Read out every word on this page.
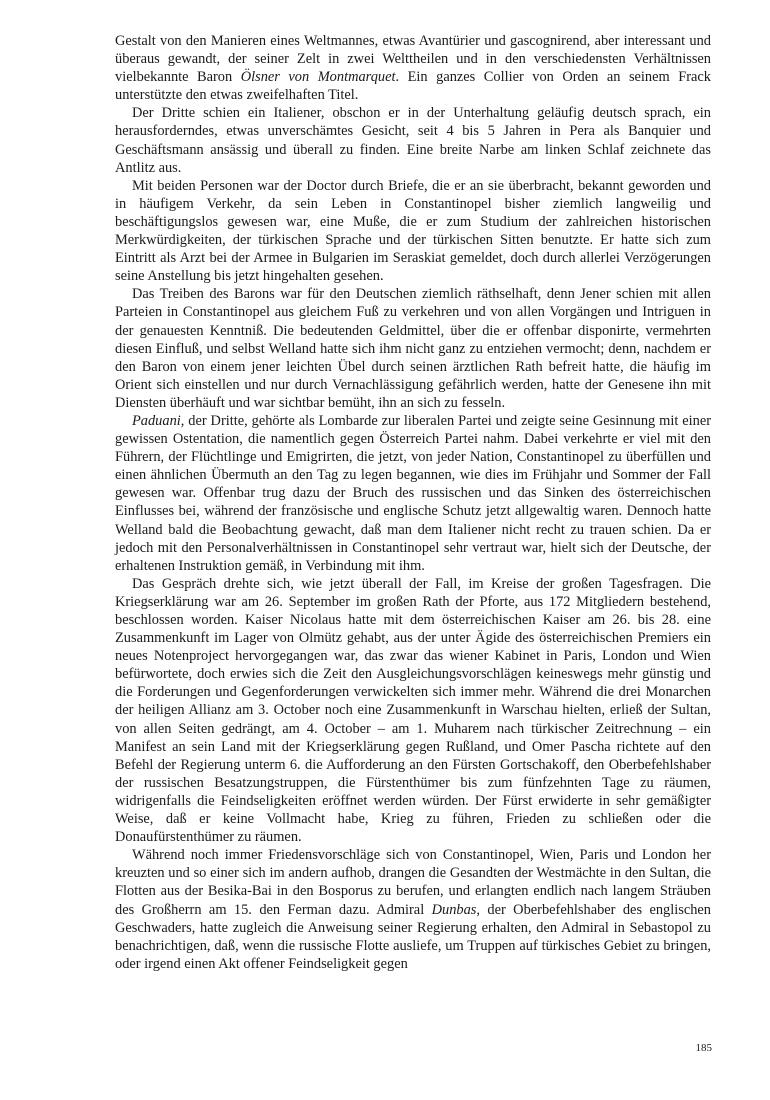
Gestalt von den Manieren eines Weltmannes, etwas Avantürier und gascognirend, aber interessant und überaus gewandt, der seiner Zelt in zwei Welttheilen und in den verschiedensten Verhältnissen vielbekannte Baron Ölsner von Montmarquet. Ein ganzes Collier von Orden an seinem Frack unterstützte den etwas zweifelhaften Titel.

Der Dritte schien ein Italiener, obschon er in der Unterhaltung geläufig deutsch sprach, ein herausforderndes, etwas unverschämtes Gesicht, seit 4 bis 5 Jahren in Pera als Banquier und Geschäftsmann ansässig und überall zu finden. Eine breite Narbe am linken Schlaf zeichnete das Antlitz aus.

Mit beiden Personen war der Doctor durch Briefe, die er an sie überbracht, bekannt geworden und in häufigem Verkehr, da sein Leben in Constantinopel bisher ziemlich langweilig und beschäftigungslos gewesen war, eine Muße, die er zum Studium der zahlreichen historischen Merkwürdigkeiten, der türkischen Sprache und der türkischen Sitten benutzte. Er hatte sich zum Eintritt als Arzt bei der Armee in Bulgarien im Seraskiat gemeldet, doch durch allerlei Verzögerungen seine Anstellung bis jetzt hingehalten gesehen.

Das Treiben des Barons war für den Deutschen ziemlich räthselhaft, denn Jener schien mit allen Parteien in Constantinopel aus gleichem Fuß zu verkehren und von allen Vorgängen und Intriguen in der genauesten Kenntniß. Die bedeutenden Geldmittel, über die er offenbar disponirte, vermehrten diesen Einfluß, und selbst Welland hatte sich ihm nicht ganz zu entziehen vermocht; denn, nachdem er den Baron von einem jener leichten Übel durch seinen ärztlichen Rath befreit hatte, die häufig im Orient sich einstellen und nur durch Vernachlässigung gefährlich werden, hatte der Genesene ihn mit Diensten überhäuft und war sichtbar bemüht, ihn an sich zu fesseln.

Paduani, der Dritte, gehörte als Lombarde zur liberalen Partei und zeigte seine Gesinnung mit einer gewissen Ostentation, die namentlich gegen Österreich Partei nahm. Dabei verkehrte er viel mit den Führern, der Flüchtlinge und Emigrirten, die jetzt, von jeder Nation, Constantinopel zu überfüllen und einen ähnlichen Übermuth an den Tag zu legen begannen, wie dies im Frühjahr und Sommer der Fall gewesen war. Offenbar trug dazu der Bruch des russischen und das Sinken des österreichischen Einflusses bei, während der französische und englische Schutz jetzt allgewaltig waren. Dennoch hatte Welland bald die Beobachtung gewacht, daß man dem Italiener nicht recht zu trauen schien. Da er jedoch mit den Personalverhältnissen in Constantinopel sehr vertraut war, hielt sich der Deutsche, der erhaltenen Instruktion gemäß, in Verbindung mit ihm.

Das Gespräch drehte sich, wie jetzt überall der Fall, im Kreise der großen Tagesfragen. Die Kriegserklärung war am 26. September im großen Rath der Pforte, aus 172 Mitgliedern bestehend, beschlossen worden. Kaiser Nicolaus hatte mit dem österreichischen Kaiser am 26. bis 28. eine Zusammenkunft im Lager von Olmütz gehabt, aus der unter Ägide des österreichischen Premiers ein neues Notenproject hervorgegangen war, das zwar das wiener Kabinet in Paris, London und Wien befürwortete, doch erwies sich die Zeit den Ausgleichungsvorschlägen keineswegs mehr günstig und die Forderungen und Gegenforderungen verwickelten sich immer mehr. Während die drei Monarchen der heiligen Allianz am 3. October noch eine Zusammenkunft in Warschau hielten, erließ der Sultan, von allen Seiten gedrängt, am 4. October – am 1. Muharem nach türkischer Zeitrechnung – ein Manifest an sein Land mit der Kriegserklärung gegen Rußland, und Omer Pascha richtete auf den Befehl der Regierung unterm 6. die Aufforderung an den Fürsten Gortschakoff, den Oberbefehlshaber der russischen Besatzungstruppen, die Fürstenthümer bis zum fünfzehnten Tage zu räumen, widrigenfalls die Feindseligkeiten eröffnet werden würden. Der Fürst erwiderte in sehr gemäßigter Weise, daß er keine Vollmacht habe, Krieg zu führen, Frieden zu schließen oder die Donaufürstenthümer zu räumen.

Während noch immer Friedensvorschläge sich von Constantinopel, Wien, Paris und London her kreuzten und so einer sich im andern aufhob, drangen die Gesandten der Westmächte in den Sultan, die Flotten aus der Besika-Bai in den Bosporus zu berufen, und erlangten endlich nach langem Sträuben des Großherrn am 15. den Ferman dazu. Admiral Dunbas, der Oberbefehlshaber des englischen Geschwaders, hatte zugleich die Anweisung seiner Regierung erhalten, den Admiral in Sebastopol zu benachrichtigen, daß, wenn die russische Flotte ausliefe, um Truppen auf türkisches Gebiet zu bringen, oder irgend einen Akt offener Feindseligkeit gegen

185
